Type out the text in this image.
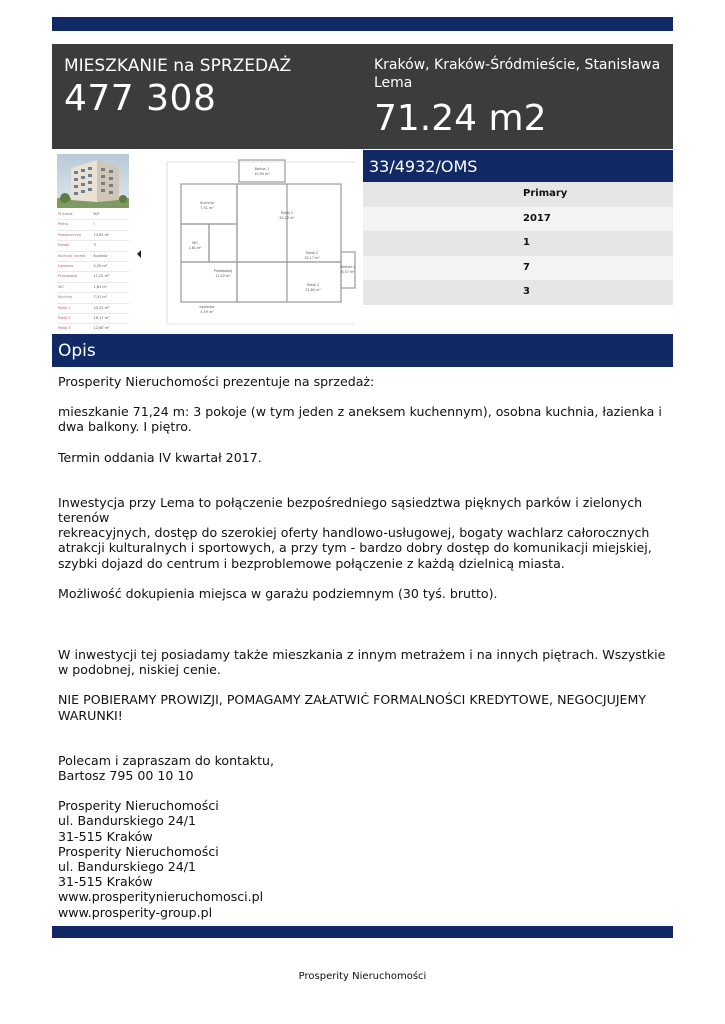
MIESZKANIE na SPRZEDAŻ
477 308
Kraków, Kraków-Śródmieście, Stanisława Lema
71.24 m2
M /Ident.	B/3
Piętro	I
Powierzchnia	74,83 m²
Pokoje	3
Kuchnia / aneks	Kuchnia
Łazienka	4,59 m²
Przedpokój	11,02 m²
WC	1,81 m²
Kuchnia	7,51 m²
Pokój 1	20,22 m²
Pokój 2	16,17 m²
Pokój 3	12,80 m²
Balkon 1
10,90 m²
Pokój 1
20,22 m²
Kuchnia
7,51 m²
WC
1,81 m²
Pokój 2
16,17 m²
Przedpokój
11,02 m²
Łazienka
4,59 m²
Pokój 3
12,80 m²
Balkon 2
6,57 m²
33/4932/OMS
Primary
2017
1
7
3
Opis

Prosperity Nieruchomości prezentuje na sprzedaż:

mieszkanie 71,24 m: 3 pokoje (w tym jeden z aneksem kuchennym), osobna kuchnia, łazienka i dwa balkony. I piętro.

Termin oddania IV kwartał 2017.

Inwestycja przy Lema to połączenie bezpośredniego sąsiedztwa pięknych parków i zielonych terenów
rekreacyjnych, dostęp do szerokiej oferty handlowo-usługowej, bogaty wachlarz całorocznych atrakcji kulturalnych i sportowych, a przy tym - bardzo dobry dostęp do komunikacji miejskiej, szybki dojazd do centrum i bezproblemowe połączenie z każdą dzielnicą miasta.

Możliwość dokupienia miejsca w garażu podziemnym (30 tyś. brutto).

W inwestycji tej posiadamy także mieszkania z innym metrażem i na innych piętrach. Wszystkie w podobnej, niskiej cenie.

NIE POBIERAMY PROWIZJI, POMAGAMY ZAŁATWIĆ FORMALNOŚCI KREDYTOWE, NEGOCJUJEMY WARUNKI!

Polecam i zapraszam do kontaktu,
Bartosz 795 00 10 10

Prosperity Nieruchomości
ul. Bandurskiego 24/1
31-515 Kraków
Prosperity Nieruchomości
ul. Bandurskiego 24/1
31-515 Kraków
www.prosperitynieruchomosci.pl
www.prosperity-group.pl

Prosperity Nieruchomości
